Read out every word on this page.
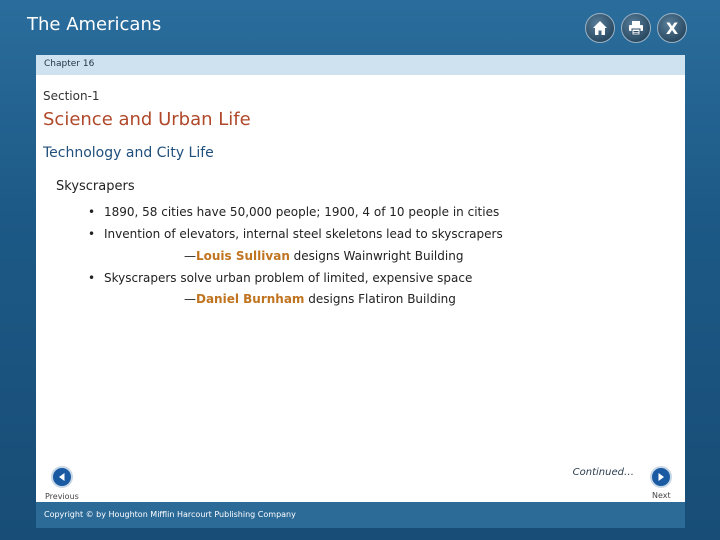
The Americans	X
Chapter 16
Section-1
Science and Urban Life
Technology and City Life
Skyscrapers
• 1890, 58 cities have 50,000 people; 1900, 4 of 10 people in cities
• Invention of elevators, internal steel skeletons lead to skyscrapers
—Louis Sullivan designs Wainwright Building
• Skyscrapers solve urban problem of limited, expensive space
—Daniel Burnham designs Flatiron Building
Continued…
Previous	Next
Copyright © by Houghton Mifflin Harcourt Publishing Company
